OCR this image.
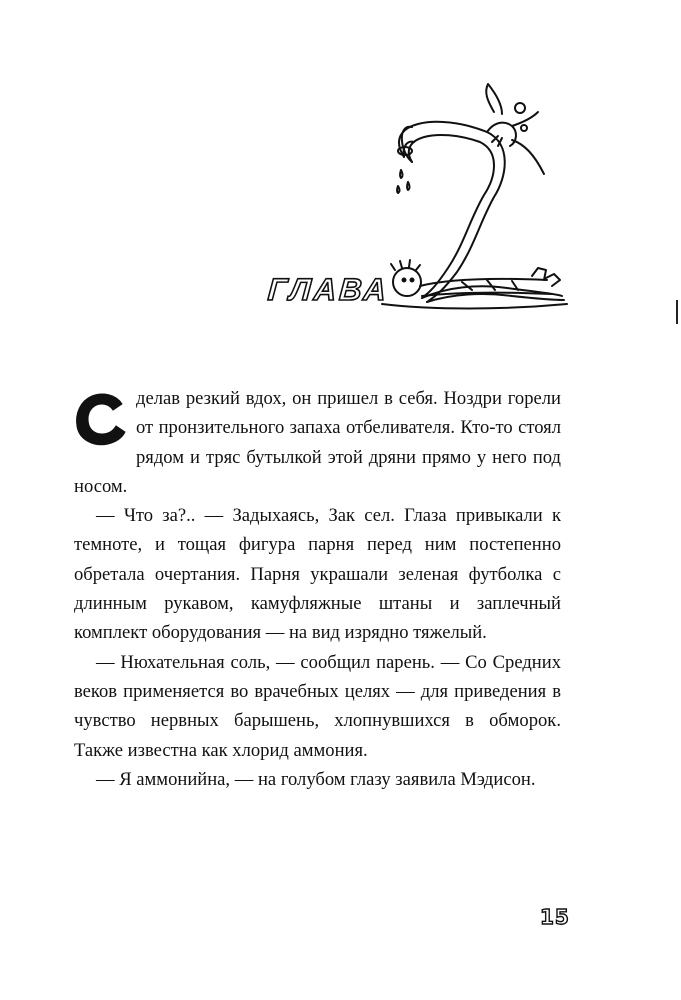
ГЛАВА

С	делав резкий вдох, он пришел в себя. Ноздри горели от пронзительного запаха отбеливателя. Кто-то стоял рядом и тряс бутылкой этой дряни прямо у него под носом.

— Что за?.. — Задыхаясь, Зак сел. Глаза привыкали к темноте, и тощая фигура парня перед ним постепенно обретала очертания. Парня украшали зеленая футболка с длинным рукавом, камуфляжные штаны и заплечный комплект оборудования — на вид изрядно тяжелый.

— Нюхательная соль, — сообщил парень. — Со Средних веков применяется во врачебных целях — для приведения в чувство нервных барышень, хлопнувшихся в обморок. Также известна как хлорид аммония.

— Я аммонийна, — на голубом глазу заявила Мэдисон.

15
